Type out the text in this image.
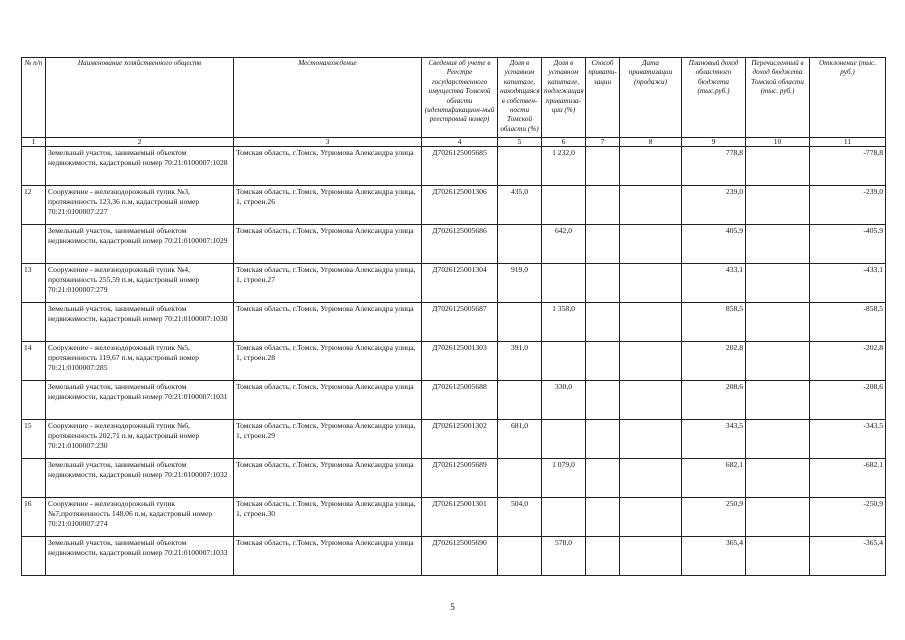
№ п/п	Наименование хозяйственного обществ	Местонахождение	Сведения об учете в Реестре государственного имущества Томской области (идентификацион-ный реестровый номер)	Доля в уставном капитале, находящаяся в собствен-ности Томской области (%)	Доля в уставном капитале, подлежащая приватиза-ции (%)	Способ привати-зации	Дата приватизации (продажи)	Плановый доход областного бюджета (тыс.руб.)	Перечисленный в доход бюджета Томской области (тыс. руб.)	Отклонение (тыс. руб.)
1	2	3	4	5	6	7	8	9	10	11
	Земельный участок, занимаемый объектом недвижимости, кадастровый номер 70:21:0100007:1028	Томская область, г.Томск, Угрюмова Александра улица	Д7026125005685		1 232,0			778,8		-778,8
12	Сооружение - железнодорожный тупик №3, протяженность 123,36 п.м, кадастровый номер 70:21:0100007:227	Томская область, г.Томск, Угрюмова Александра улица, 1, строен.26	Д7026125001306	435,0				239,0		-239,0
	Земельный участок, занимаемый объектом недвижимости, кадастровый номер 70:21:0100007:1029	Томская область, г.Томск, Угрюмова Александра улица	Д7026125005686		642,0			405,9		-405,9
13	Сооружение - железнодорожный тупик №4, протяженность 255,59 п.м, кадастровый номер 70:21:0100007:279	Томская область, г.Томск, Угрюмова Александра улица, 1, строен.27	Д7026125001304	919,0				433,1		-433,1
	Земельный участок, занимаемый объектом недвижимости, кадастровый номер 70:21:0100007:1030	Томская область, г.Томск, Угрюмова Александра улица	Д7026125005687		1 358,0			858,5		-858,5
14	Сооружение - железнодорожный тупик №5, протяженность 119,67 п.м, кадастровый номер 70:21:0100007:285	Томская область, г.Томск, Угрюмова Александра улица, 1, строен.28	Д7026125001303	391,0				202,8		-202,8
	Земельный участок, занимаемый объектом недвижимости, кадастровый номер 70:21:0100007:1031	Томская область, г.Томск, Угрюмова Александра улица	Д7026125005688		330,0			208,6		-208,6
15	Сооружение - железнодорожный тупик №6, протяженность 202,71 п.м, кадастровый номер 70:21:0100007:230	Томская область, г.Томск, Угрюмова Александра улица, 1, строен.29	Д7026125001302	681,0				343,5		-343,5
	Земельный участок, занимаемый объектом недвижимости, кадастровый номер 70:21:0100007:1032	Томская область, г.Томск, Угрюмова Александра улица	Д7026125005689		1 079,0			682,1		-682,1
16	Сооружение - железнодорожный тупик №7,протяженность 148,06 п.м, кадастровый номер 70:21:0100007:274	Томская область, г.Томск, Угрюмова Александра улица, 1, строен.30	Д7026125001301	504,0				250,9		-250,9
	Земельный участок, занимаемый объектом недвижимости, кадастровый номер 70:21:0100007:1033	Томская область, г.Томск, Угрюмова Александра улица	Д7026125005690		578,0			365,4		-365,4
5
